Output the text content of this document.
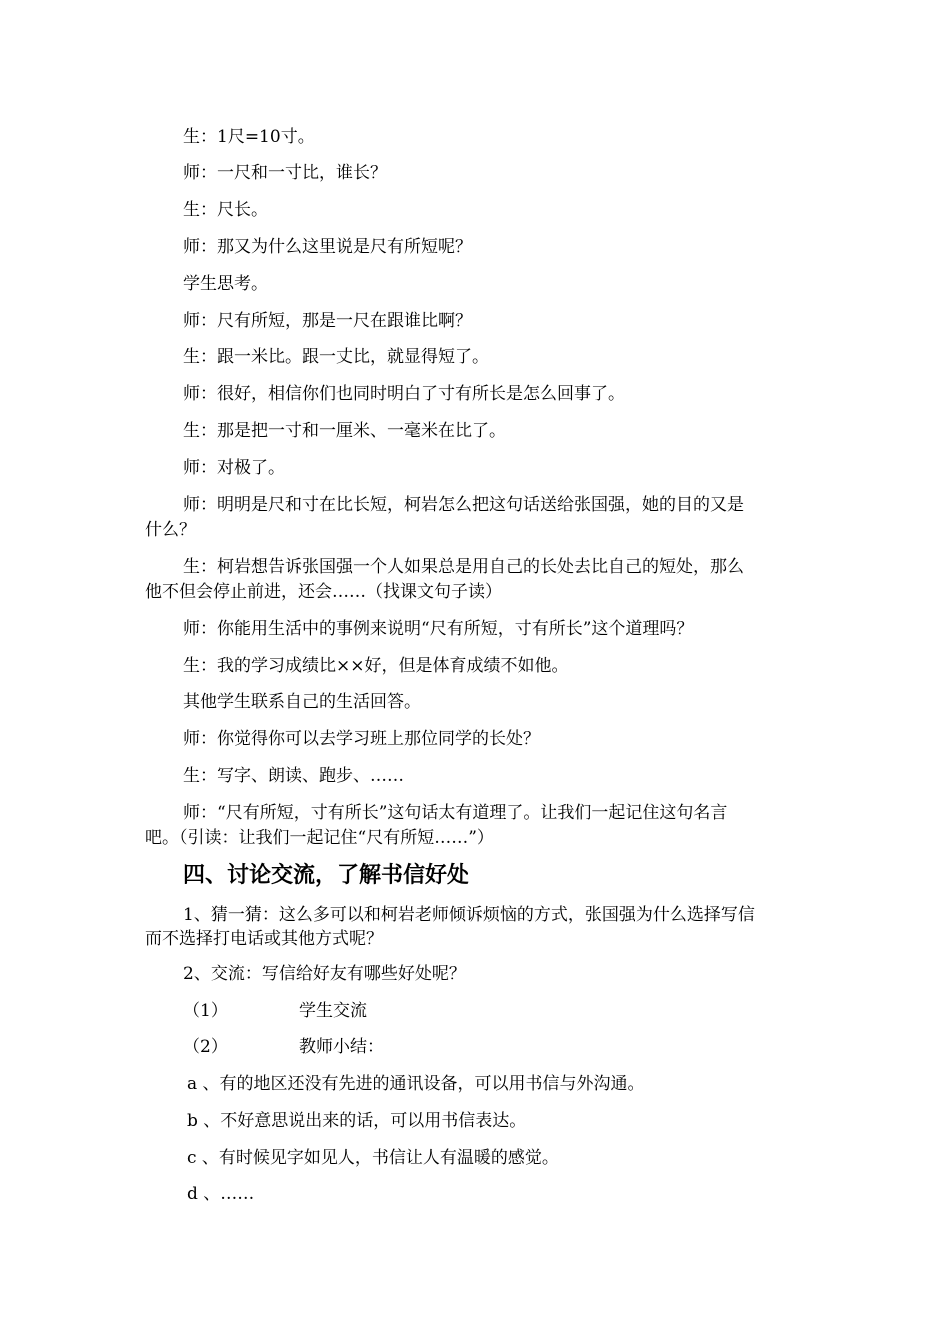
生：1尺=10寸。
师：一尺和一寸比，谁长？
生：尺长。
师：那又为什么这里说是尺有所短呢？
学生思考。
师：尺有所短，那是一尺在跟谁比啊？
生：跟一米比。跟一丈比，就显得短了。
师：很好，相信你们也同时明白了寸有所长是怎么回事了。
生：那是把一寸和一厘米、一毫米在比了。
师：对极了。
师：明明是尺和寸在比长短，柯岩怎么把这句话送给张国强，她的目的又是
什么？
生：柯岩想告诉张国强一个人如果总是用自己的长处去比自己的短处，那么
他不但会停止前进，还会……（找课文句子读）
师：你能用生活中的事例来说明“尺有所短，寸有所长”这个道理吗？
生：我的学习成绩比××好，但是体育成绩不如他。
其他学生联系自己的生活回答。
师：你觉得你可以去学习班上那位同学的长处？
生：写字、朗读、跑步、……
师：“尺有所短，寸有所长”这句话太有道理了。让我们一起记住这句名言
吧。（引读：让我们一起记住“尺有所短……”）
四、讨论交流，了解书信好处
1、猜一猜：这么多可以和柯岩老师倾诉烦恼的方式，张国强为什么选择写信
而不选择打电话或其他方式呢？
2、交流：写信给好友有哪些好处呢？
（1）	学生交流
（2）	教师小结：
a 、有的地区还没有先进的通讯设备，可以用书信与外沟通。
b 、不好意思说出来的话，可以用书信表达。
c 、有时候见字如见人，书信让人有温暖的感觉。
d 、……
